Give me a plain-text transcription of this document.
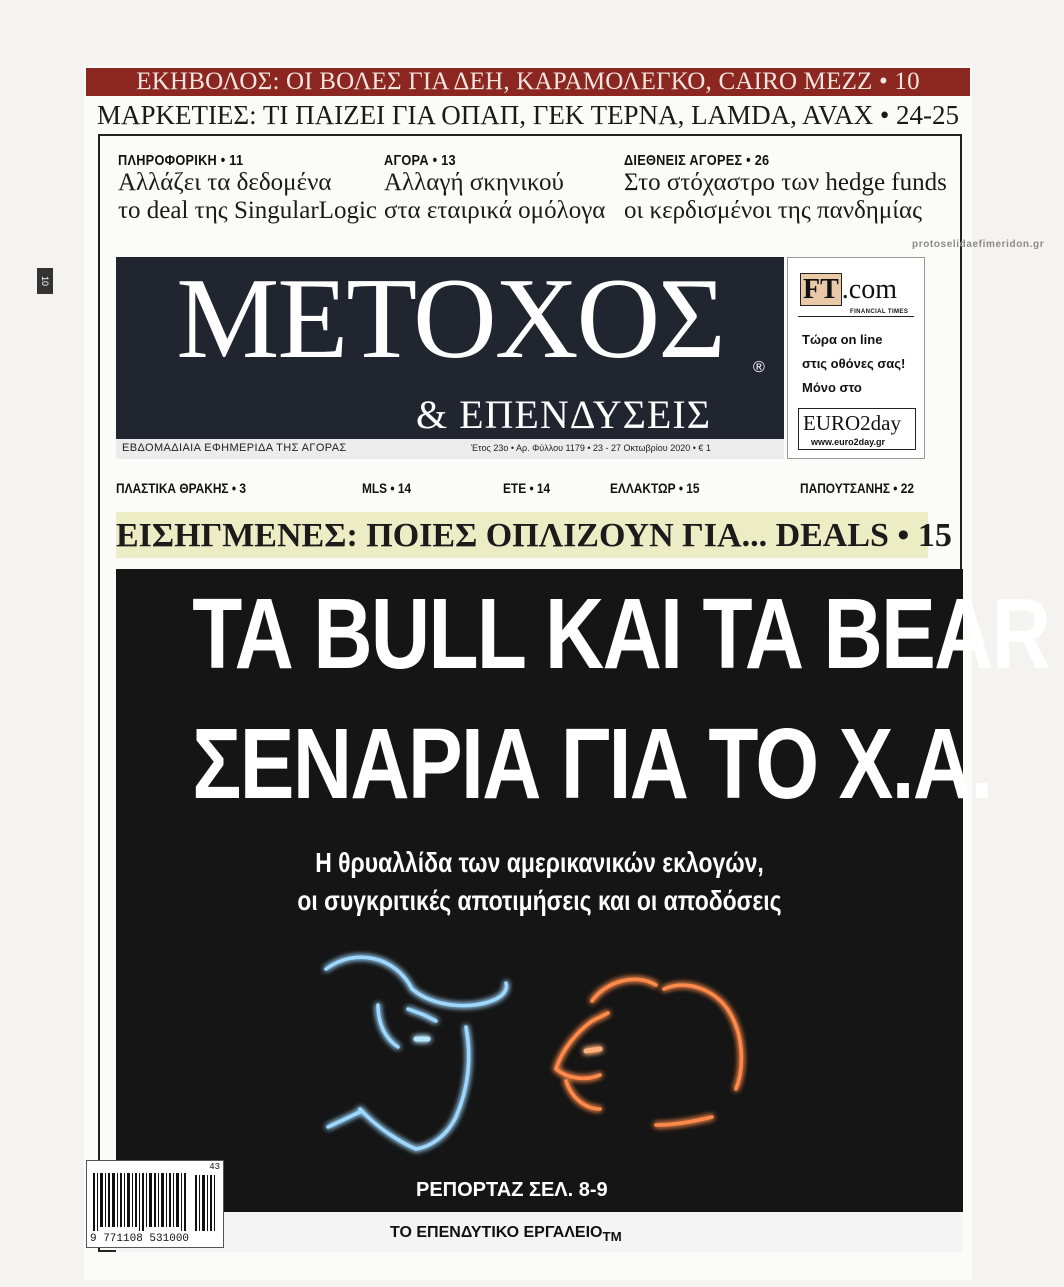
ΕΚΗΒΟΛΟΣ: ΟΙ ΒΟΛΕΣ ΓΙΑ ΔΕΗ, ΚΑΡΑΜΟΛΕΓΚΟ, CAIRO MEZZ • 10
ΜΑΡΚΕΤΙΕΣ: ΤΙ ΠΑΙΖΕΙ ΓΙΑ ΟΠΑΠ, ΓΕΚ ΤΕΡΝΑ, LAMDA, AVAX • 24-25
ΠΛΗΡΟΦΟΡΙΚΗ • 11
Αλλάζει τα δεδομένα
το deal της SingularLogic
ΑΓΟΡΑ • 13
Αλλαγή σκηνικού
στα εταιρικά ομόλογα
ΔΙΕΘΝΕΙΣ ΑΓΟΡΕΣ • 26
Στο στόχαστρο των hedge funds
οι κερδισμένοι της πανδημίας
protoselidaefimeridon.gr
10	ΜΕΤΟΧΟΣ	®
& ΕΠΕΝΔΥΣΕΙΣ
ΕΒΔΟΜΑΔΙΑΙΑ ΕΦΗΜΕΡΙΔΑ ΤΗΣ ΑΓΟΡΑΣ	Έτος 23ο • Αρ. Φύλλου 1179 • 23 - 27 Οκτωβρίου 2020 • € 1
FT .com
FINANCIAL TIMES
Τώρα on line
στις οθόνες σας!
Μόνο στο
EURO2day
www.euro2day.gr
ΠΛΑΣΤΙΚΑ ΘΡΑΚΗΣ • 3	MLS • 14	ΕΤΕ • 14	ΕΛΛΑΚΤΩΡ • 15	ΠΑΠΟΥΤΣΑΝΗΣ • 22
ΕΙΣΗΓΜΕΝΕΣ: ΠΟΙΕΣ ΟΠΛΙΖΟΥΝ ΓΙΑ... DEALS • 15
ΤΑ BULL ΚΑΙ ΤΑ BEAR
ΣΕΝΑΡΙΑ ΓΙΑ ΤΟ Χ.Α.
Η θρυαλλίδα των αμερικανικών εκλογών,
οι συγκριτικές αποτιμήσεις και οι αποδόσεις
ΡΕΠΟΡΤΑΖ ΣΕΛ. 8-9
ΤΟ ΕΠΕΝΔΥΤΙΚΟ $EP\Gamma A\Lambda EIO_{TM}$
43
9 771108 531000
